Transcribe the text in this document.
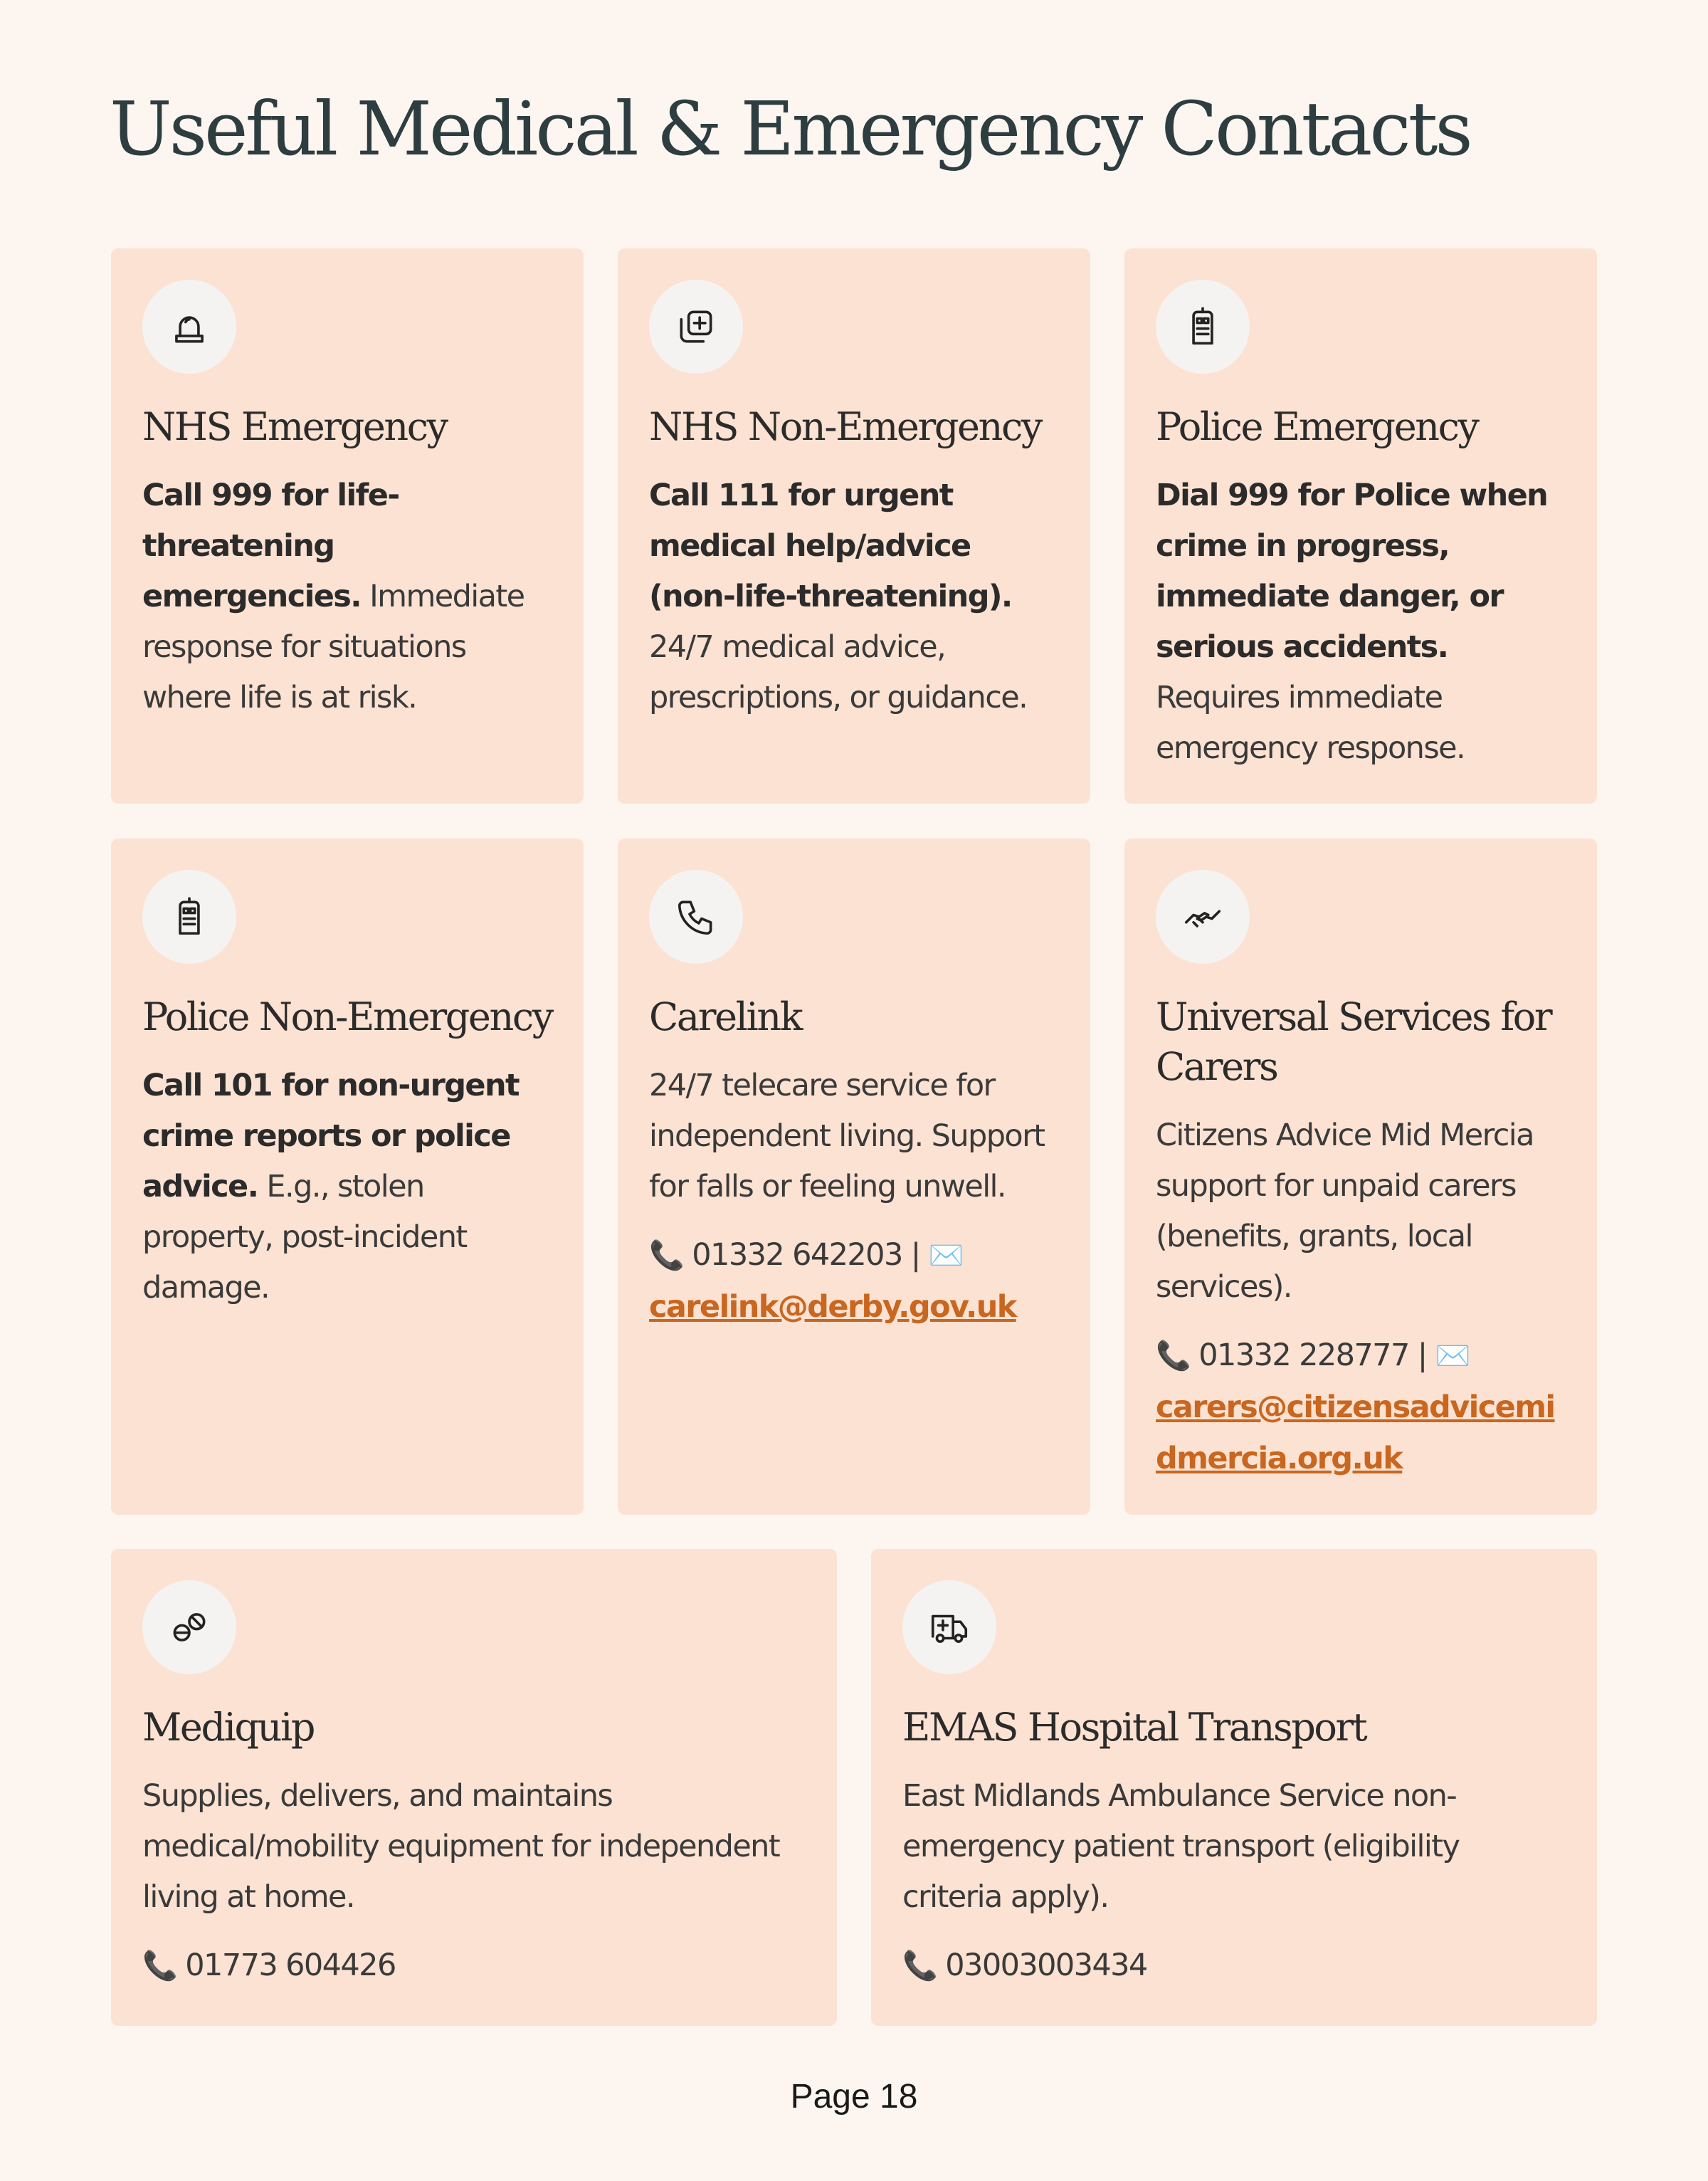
Useful Medical & Emergency Contacts
NHS Emergency

Call 999 for life-threatening emergencies. Immediate response for situations where life is at risk.

NHS Non-Emergency

Call 111 for urgent medical help/advice (non-life-threatening). 24/7 medical advice, prescriptions, or guidance.

Police Emergency

Dial 999 for Police when crime in progress, immediate danger, or serious accidents. Requires immediate emergency response.

Police Non-Emergency

Call 101 for non-urgent crime reports or police advice. E.g., stolen property, post-incident damage.

Carelink

24/7 telecare service for independent living. Support for falls or feeling unwell.

📞 01332 642203 | ✉️
carelink@derby.gov.uk

Universal Services for Carers

Citizens Advice Mid Mercia support for unpaid carers (benefits, grants, local services).

📞 01332 228777 | ✉️
carers@citizensadvicemidmercia.org.uk

Mediquip

Supplies, delivers, and maintains medical/mobility equipment for independent living at home.

📞 01773 604426

EMAS Hospital Transport

East Midlands Ambulance Service non-emergency patient transport (eligibility criteria apply).

📞 03003003434

Page 18
